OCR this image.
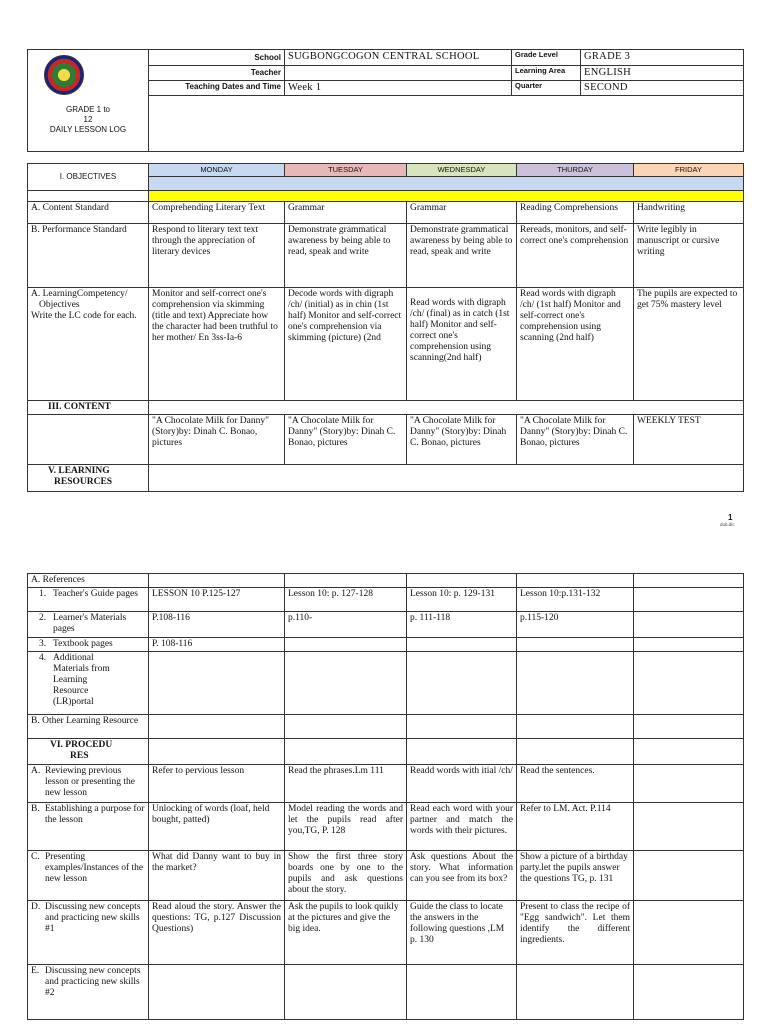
GRADE 1 to
12
DAILY LESSON LOG	School	SUGBONGCOGON CENTRAL SCHOOL	Grade Level	GRADE 3
	Teacher		Learning Area	ENGLISH
	Teaching Dates and Time	Week 1	Quarter	SECOND

I. OBJECTIVES	MONDAY	TUESDAY	WEDNESDAY	THURDAY	FRIDAY

A. Content Standard	Comprehending Literary Text	Grammar	Grammar	Reading Comprehensions	Handwriting
B. Performance Standard	Respond to literary text text through the appreciation of literary devices	Demonstrate grammatical awareness by being able to read, speak and write	Demonstrate grammatical awareness by being able to read, speak and write	Rereads, monitors, and self- correct one's comprehension	Write legibly in manuscript or cursive writing

A. LearningCompetency/
Objectives
Write the LC code for each.	Monitor and self-correct one's comprehension via skimming (title and text) Appreciate how the character had been truthful to her mother/ En 3ss-Ia-6	Decode words with digraph /ch/ (initial) as in chin (1st half) Monitor and self-correct one's comprehension via skimming (picture) (2nd	Read words with digraph /ch/ (final) as in catch (1st half) Monitor and self-correct one's comprehension using scanning(2nd half)	Read words with digraph /ch/ (1st half) Monitor and self-correct one's comprehension using scanning (2nd half)	The pupils are expected to get 75% mastery level
III. CONTENT					
	"A Chocolate Milk for Danny" (Story)by: Dinah C. Bonao, pictures	"A Chocolate Milk for Danny" (Story)by: Dinah C. Bonao, pictures	"A Chocolate Milk for Danny" (Story)by: Dinah C. Bonao, pictures	"A Chocolate Milk for Danny" (Story)by: Dinah C. Bonao, pictures	WEEKLY TEST

V. LEARNING
RESOURCES					

1
dob.dlc
A. References					

1. Teacher's Guide pages	LESSON 10 P.125-127	Lesson 10: p. 127-128	Lesson 10: p. 129-131	Lesson 10:p.131-132	

2. Learner's Materials pages	P.108-116	p.110-	p. 111-118	p.115-120	

3. Textbook pages	P. 108-116				

4. Additional Materials from Learning Resource (LR)portal					

B. Other Learning Resource					

VI. PROCEDU
RES					

A. Reviewing previous lesson or presenting the new lesson	Refer to pervious lesson	Read the phrases.Lm 111	Readd words with itial /ch/	Read the sentences.	

B. Establishing a purpose for the lesson	Unlocking of words (loaf, held bought, patted)	Model reading the words and let the pupils read after you,TG, P. 128	Read each word with your partner and match the words with their pictures.	Refer to LM. Act. P.114	

C. Presenting examples/Instances of the new lesson	What did Danny want to buy in the market?	Show the first three story boards one by one to the pupils and ask questions about the story.	Ask questions About the story. What information can you see from its box?	Show a picture of a birthday party.let the pupils answer the questions TG, p. 131	

D. Discussing new concepts and practicing new skills #1	Read aloud the story. Answer the questions: TG, p.127 Discussion Questions)	Ask the pupils to look quikly at the pictures and give the big idea.	Guide the class to locate the answers in the following questions ,LM p. 130	Present to class the recipe of "Egg sandwich". Let them identify the different ingredients.	

E. Discussing new concepts and practicing new skills #2					
